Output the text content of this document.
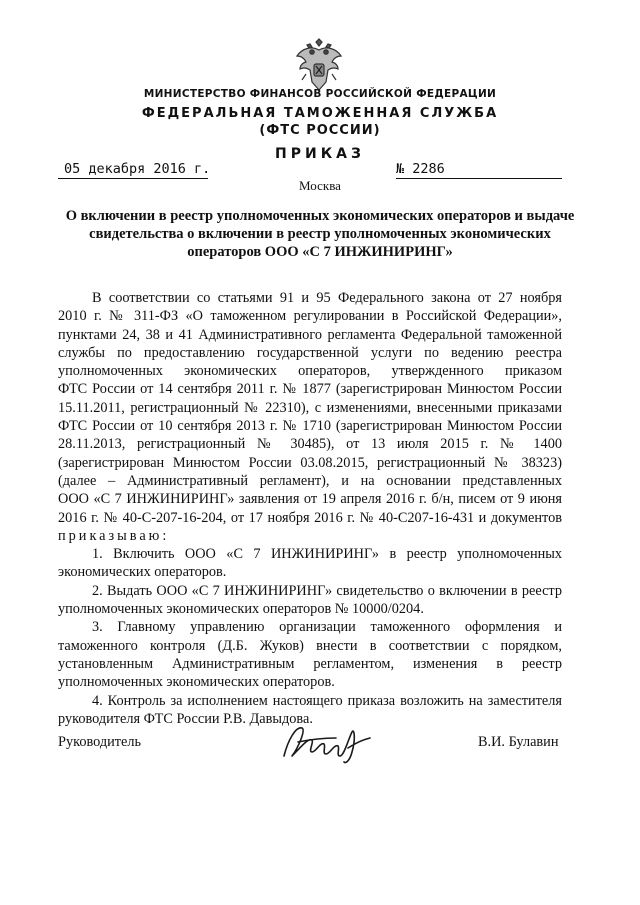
МИНИСТЕРСТВО ФИНАНСОВ РОССИЙСКОЙ ФЕДЕРАЦИИ
ФЕДЕРАЛЬНАЯ ТАМОЖЕННАЯ СЛУЖБА
(ФТС РОССИИ)
ПРИКАЗ
05 декабря 2016 г.	№ 2286
Москва
О включении в реестр уполномоченных экономических операторов и выдаче
свидетельства о включении в реестр уполномоченных экономических
операторов ООО «С 7 ИНЖИНИРИНГ»
В соответствии со статьями 91 и 95 Федерального закона от 27 ноября
2010 г. № 311-ФЗ «О таможенном регулировании в Российской Федерации»,
пунктами 24, 38 и 41 Административного регламента Федеральной таможенной
службы по предоставлению государственной услуги по ведению реестра
уполномоченных экономических операторов, утвержденного приказом
ФТС России от 14 сентября 2011 г. № 1877 (зарегистрирован Минюстом России
15.11.2011, регистрационный № 22310), с изменениями, внесенными приказами
ФТС России от 10 сентября 2013 г. № 1710 (зарегистрирован Минюстом России
28.11.2013, регистрационный № 30485), от 13 июля 2015 г. № 1400
(зарегистрирован Минюстом России 03.08.2015, регистрационный № 38323)
(далее – Административный регламент), и на основании представленных
ООО «С 7 ИНЖИНИРИНГ» заявления от 19 апреля 2016 г. б/н, писем от 9 июня
2016 г. № 40-С-207-16-204, от 17 ноября 2016 г. № 40-С207-16-431 и документов
приказываю:
1. Включить ООО «С 7 ИНЖИНИРИНГ» в реестр уполномоченных
экономических операторов.
2. Выдать ООО «С 7 ИНЖИНИРИНГ» свидетельство о включении в реестр
уполномоченных экономических операторов № 10000/0204.
3. Главному управлению организации таможенного оформления и
таможенного контроля (Д.Б. Жуков) внести в соответствии с порядком,
установленным Административным регламентом, изменения в реестр
уполномоченных экономических операторов.
4. Контроль за исполнением настоящего приказа возложить на заместителя
руководителя ФТС России Р.В. Давыдова.
Руководитель	В.И. Булавин
